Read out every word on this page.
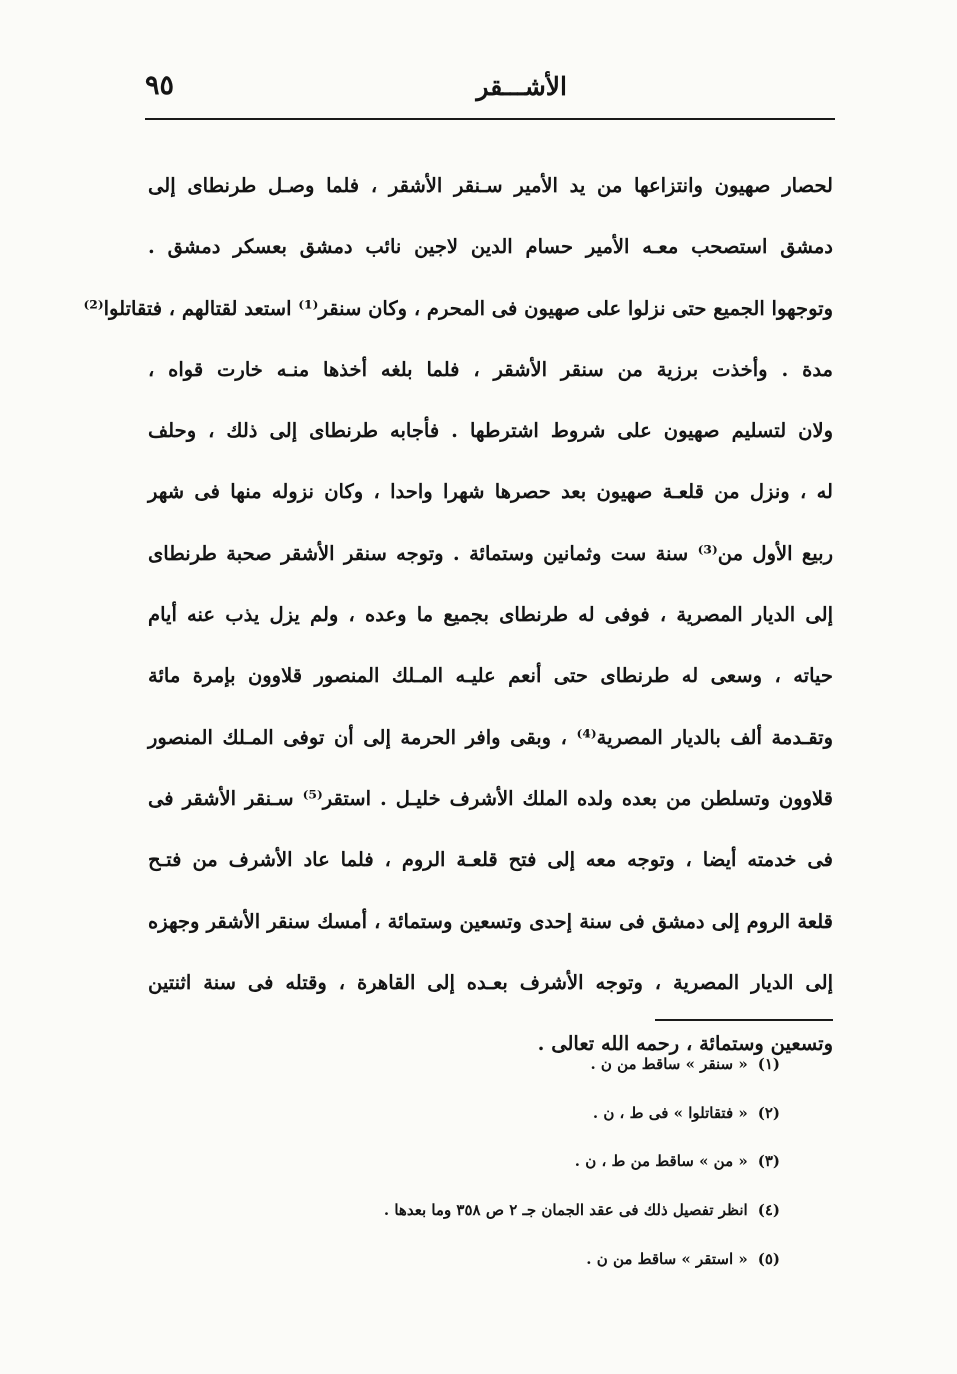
الأشـــقر
٩٥
لحصار صهيون وانتزاعها من يد الأمير سـنقر الأشقر ، فلما وصـل طرنطاى إلى
دمشق استصحب معـه الأمير حسام الدين لاجين نائب دمشق بعسكر دمشق .
وتوجهوا الجميع حتى نزلوا على صهيون فى المحرم ، وكان سنقر⁽¹⁾ استعد لقتالهم ، فتقاتلوا⁽²⁾
مدة . وأخذت برزية من سنقر الأشقر ، فلما بلغه أخذها منـه خارت قواه ،
ولان لتسليم صهيون على شروط اشترطها . فأجابه طرنطاى إلى ذلك ، وحلف
له ، ونزل من قلعـة صهيون بعد حصرها شهرا واحدا ، وكان نزوله منها فى شهر
ربيع الأول من⁽³⁾ سنة ست وثمانين وستمائة . وتوجه سنقر الأشقر صحبة طرنطاى
إلى الديار المصرية ، فوفى له طرنطاى بجميع ما وعده ، ولم يزل يذب عنه أيام
حياته ، وسعى له طرنطاى حتى أنعم عليـه المـلك المنصور قلاوون بإمرة مائة
وتقـدمة ألف بالديار المصرية⁽⁴⁾ ، وبقى وافر الحرمة إلى أن توفى المـلك المنصور
قلاوون وتسلطن من بعده ولده الملك الأشرف خليـل . استقر⁽⁵⁾ سـنقر الأشقر فى
فى خدمته أيضا ، وتوجه معه إلى فتح قلعـة الروم ، فلما عاد الأشرف من فتـح
قلعة الروم إلى دمشق فى سنة إحدى وتسعين وستمائة ، أمسك سنقر الأشقر وجهزه
إلى الديار المصرية ، وتوجه الأشرف بعـده إلى القاهرة ، وقتله فى سنة اثنتين
وتسعين وستمائة ، رحمه الله تعالى .
(١)« سنقر » ساقط من ن .
(٢)« فتقاتلوا » فى ط ، ن .
(٣)« من » ساقط من ط ، ن .
(٤)انظر تفصيل ذلك فى عقد الجمان جـ ٢ ص ٣٥٨ وما بعدها .
(٥)« استقر » ساقط من ن .
